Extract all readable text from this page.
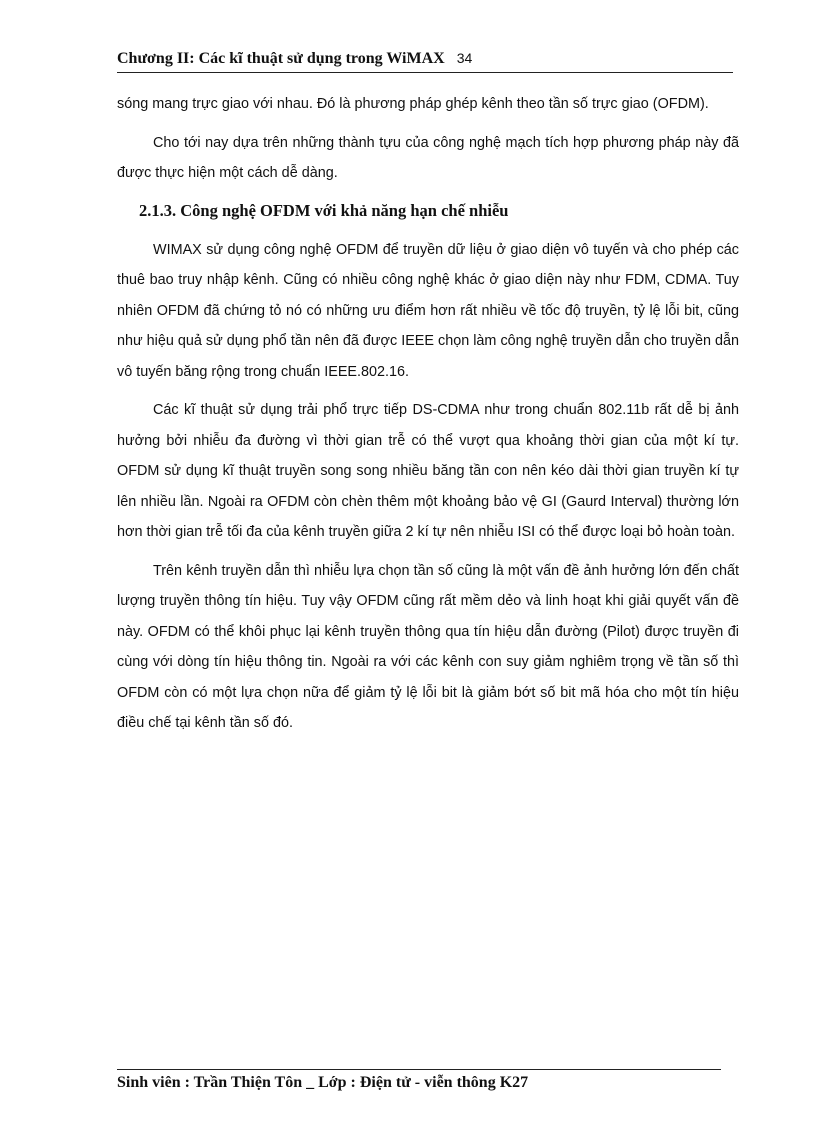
Chương II: Các kĩ thuật sử dụng trong WiMAX 34

sóng mang trực giao với nhau. Đó là phương pháp ghép kênh theo tần số trực giao (OFDM).

Cho tới nay dựa trên những thành tựu của công nghệ mạch tích hợp phương pháp này đã được thực hiện một cách dễ dàng.

2.1.3. Công nghệ OFDM với khả năng hạn chế nhiễu

WIMAX sử dụng công nghệ OFDM để truyền dữ liệu ở giao diện vô tuyến và cho phép các thuê bao truy nhập kênh. Cũng có nhiều công nghệ khác ở giao diện này như FDM, CDMA. Tuy nhiên OFDM đã chứng tỏ nó có những ưu điểm hơn rất nhiều về tốc độ truyền, tỷ lệ lỗi bit, cũng như hiệu quả sử dụng phổ tần nên đã được IEEE chọn làm công nghệ truyền dẫn cho truyền dẫn vô tuyến băng rộng trong chuẩn IEEE.802.16.

Các kĩ thuật sử dụng trải phổ trực tiếp DS-CDMA như trong chuẩn 802.11b rất dễ bị ảnh hưởng bởi nhiễu đa đường vì thời gian trễ có thể vượt qua khoảng thời gian của một kí tự. OFDM sử dụng kĩ thuật truyền song song nhiều băng tần con nên kéo dài thời gian truyền kí tự lên nhiều lần. Ngoài ra OFDM còn chèn thêm một khoảng bảo vệ GI (Gaurd Interval) thường lớn hơn thời gian trễ tối đa của kênh truyền giữa 2 kí tự nên nhiễu ISI có thể được loại bỏ hoàn toàn.

Trên kênh truyền dẫn thì nhiễu lựa chọn tần số cũng là một vấn đề ảnh hưởng lớn đến chất lượng truyền thông tín hiệu. Tuy vậy OFDM cũng rất mềm dẻo và linh hoạt khi giải quyết vấn đề này. OFDM có thể khôi phục lại kênh truyền thông qua tín hiệu dẫn đường (Pilot) được truyền đi cùng với dòng tín hiệu thông tin. Ngoài ra với các kênh con suy giảm nghiêm trọng về tần số thì OFDM còn có một lựa chọn nữa để giảm tỷ lệ lỗi bit là giảm bớt số bit mã hóa cho một tín hiệu điều chế tại kênh tần số đó.

Sinh viên : Trần Thiện Tôn _ Lớp : Điện tử - viễn thông K27
